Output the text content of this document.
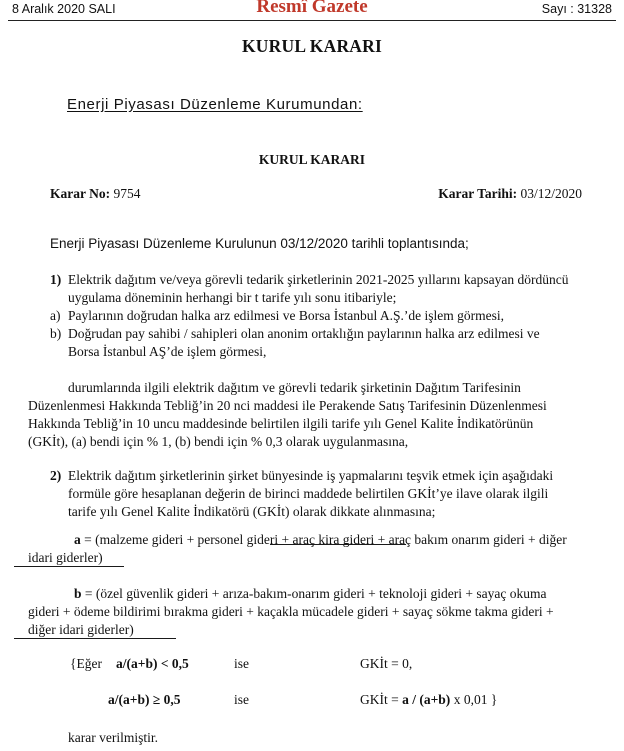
8 Aralık 2020 SALI	Resmî Gazete	Sayı : 31328
KURUL KARARI
Enerji Piyasası Düzenleme Kurumundan:
KURUL KARARI
Karar No: 9754	Karar Tarihi: 03/12/2020
Enerji Piyasası Düzenleme Kurulunun 03/12/2020 tarihli toplantısında;
1) Elektrik dağıtım ve/veya görevli tedarik şirketlerinin 2021-2025 yıllarını kapsayan dördüncü
uygulama döneminin herhangi bir t tarife yılı sonu itibariyle;
a) Paylarının doğrudan halka arz edilmesi ve Borsa İstanbul A.Ş.’de işlem görmesi,
b) Doğrudan pay sahibi / sahipleri olan anonim ortaklığın paylarının halka arz edilmesi ve
Borsa İstanbul AŞ’de işlem görmesi,
durumlarında ilgili elektrik dağıtım ve görevli tedarik şirketinin Dağıtım Tarifesinin
Düzenlenmesi Hakkında Tebliğ’in 20 nci maddesi ile Perakende Satış Tarifesinin Düzenlenmesi
Hakkında Tebliğ’in 10 uncu maddesinde belirtilen ilgili tarife yılı Genel Kalite İndikatörünün
(GKİt), (a) bendi için % 1, (b) bendi için % 0,3 olarak uygulanmasına,
2) Elektrik dağıtım şirketlerinin şirket bünyesinde iş yapmalarını teşvik etmek için aşağıdaki
formüle göre hesaplanan değerin de birinci maddede belirtilen GKİt’ye ilave olarak ilgili
tarife yılı Genel Kalite İndikatörü (GKİt) olarak dikkate alınmasına;
a = (malzeme gideri + personel gideri + araç kira gideri + araç bakım onarım gideri + diğer
idari giderler)
b = (özel güvenlik gideri + arıza-bakım-onarım gideri + teknoloji gideri + sayaç okuma
gideri + ödeme bildirimi bırakma gideri + kaçakla mücadele gideri + sayaç sökme takma gideri +
diğer idari giderler)
{Eğer a/(a+b) < 0,5	ise	GKİt = 0,
a/(a+b) ≥ 0,5	ise	GKİt = a / (a+b) x 0,01 }
karar verilmiştir.
